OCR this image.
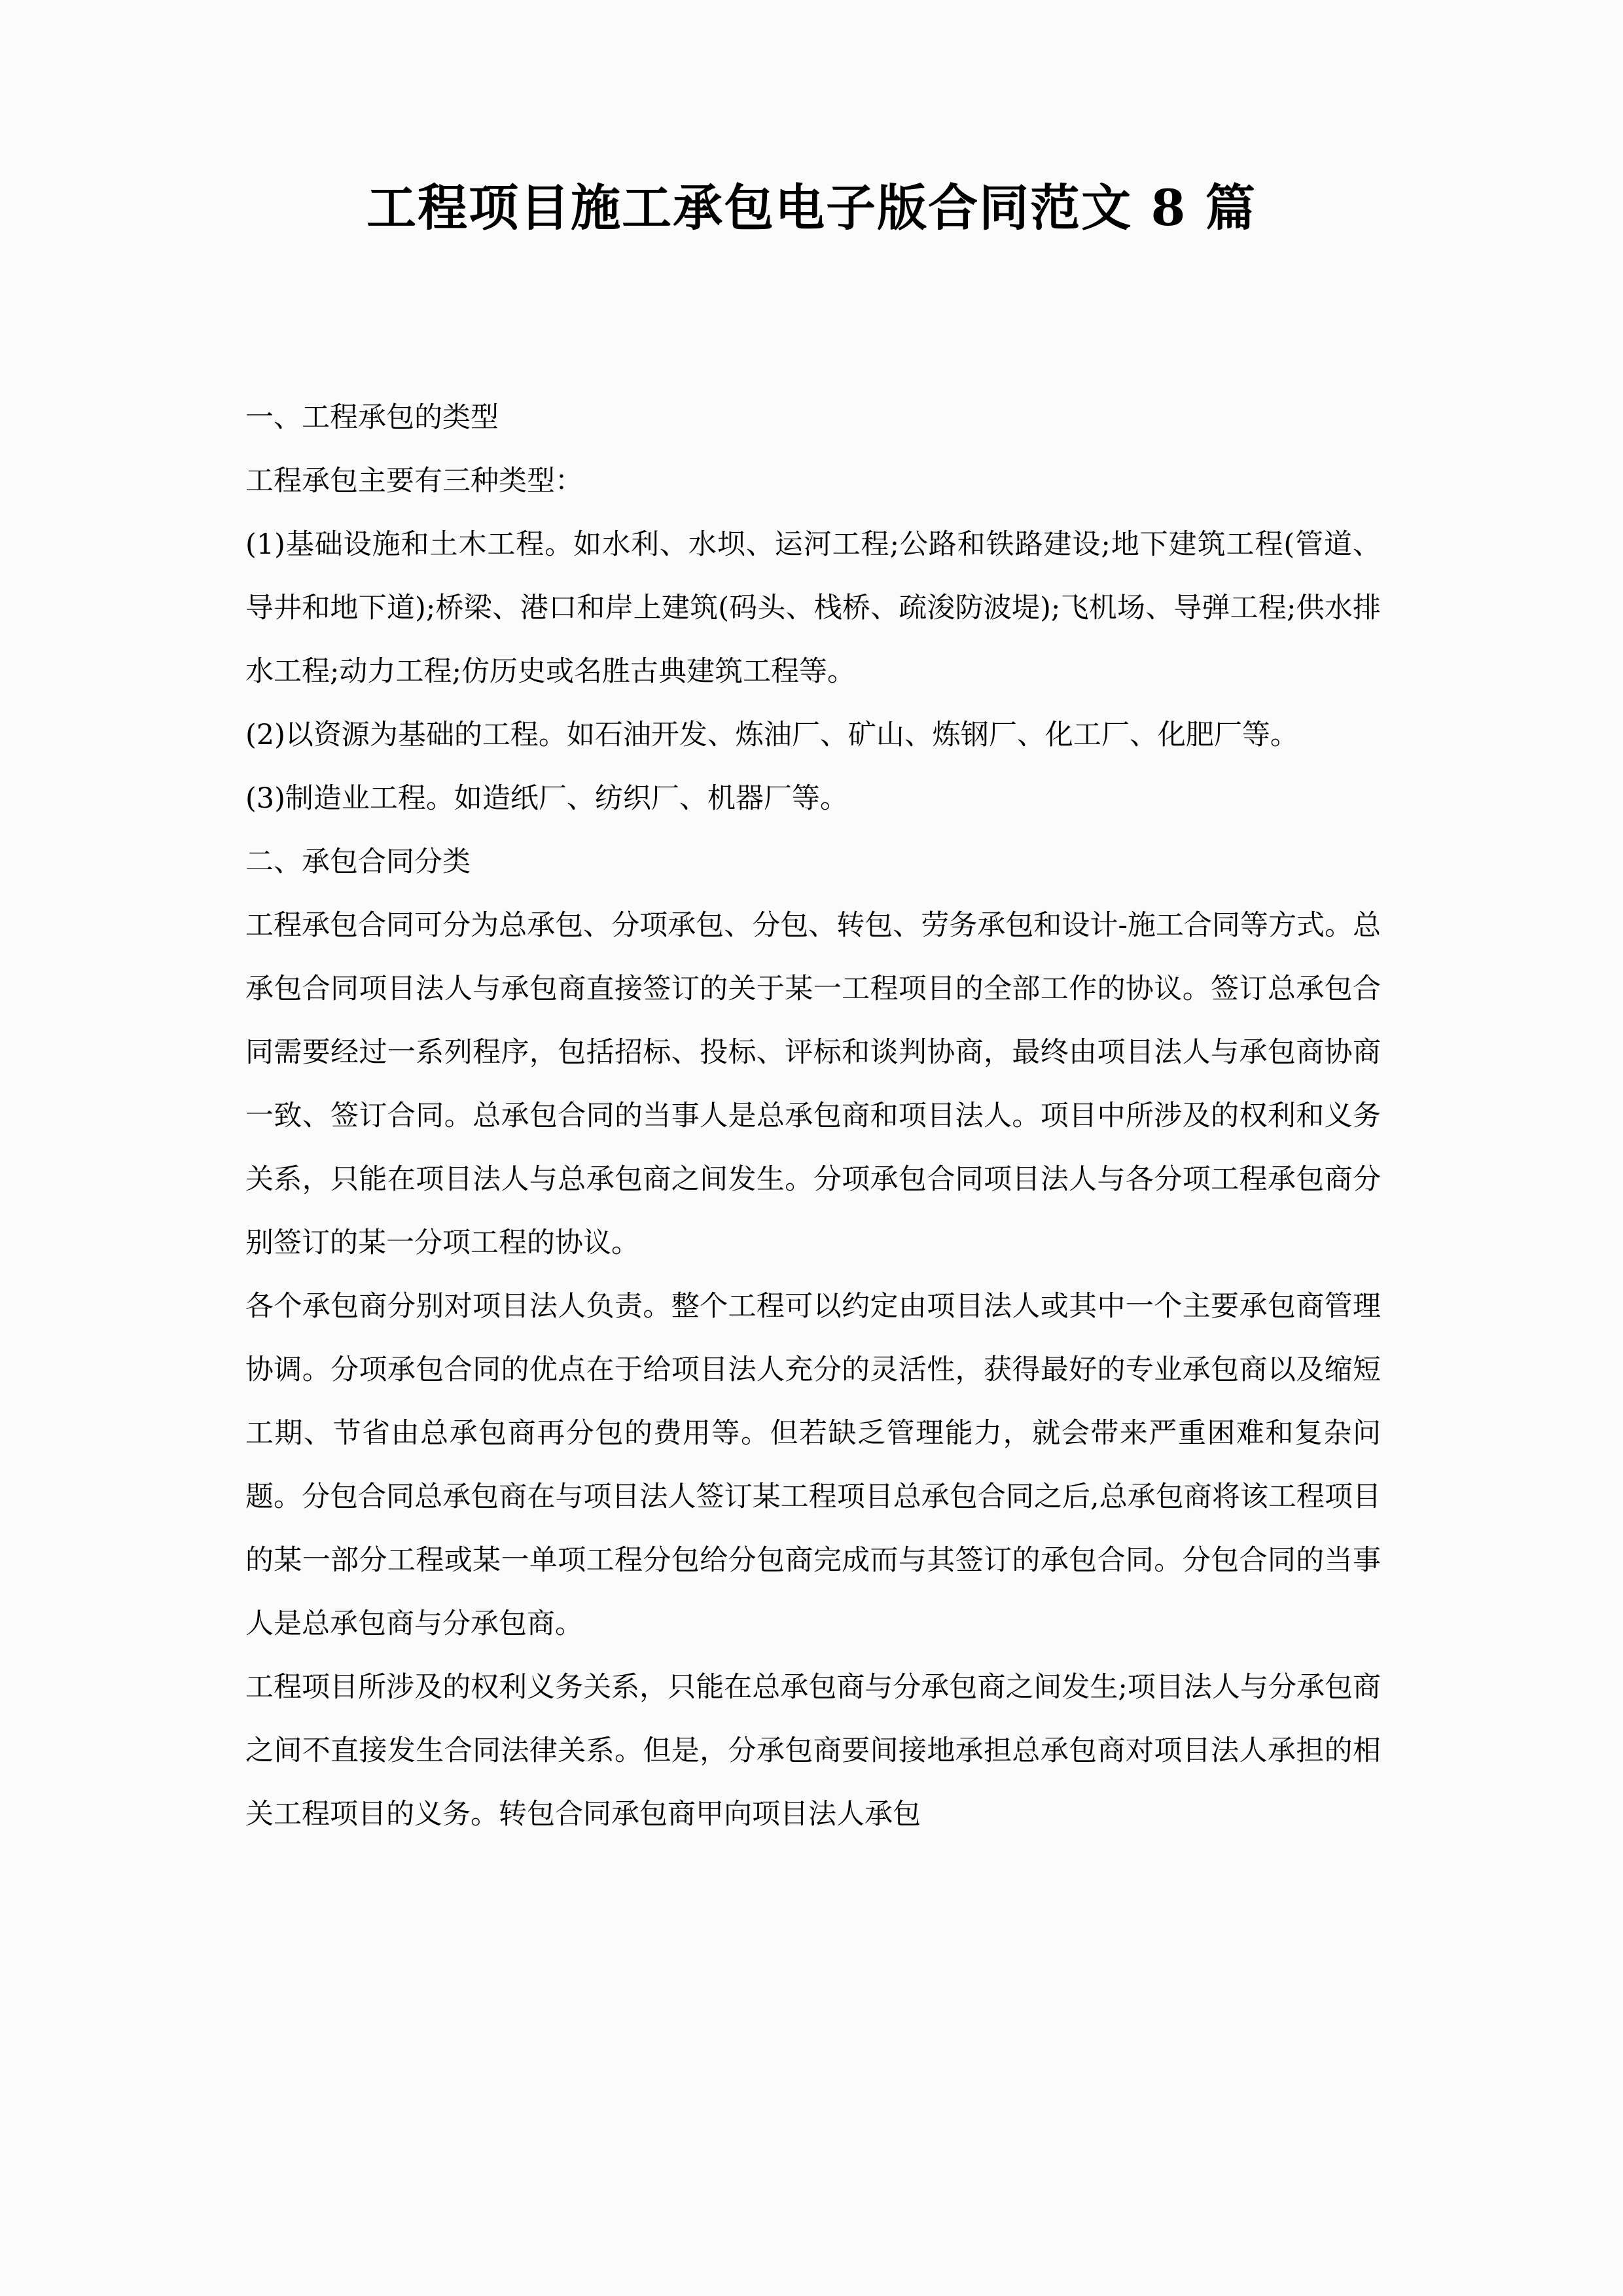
工程项目施工承包电子版合同范文 8 篇

一、工程承包的类型

工程承包主要有三种类型：

(1)基础设施和土木工程。如水利、水坝、运河工程;公路和铁路建设;地下建筑工程(管道、导井和地下道);桥梁、港口和岸上建筑(码头、栈桥、疏浚防波堤);飞机场、导弹工程;供水排水工程;动力工程;仿历史或名胜古典建筑工程等。

(2)以资源为基础的工程。如石油开发、炼油厂、矿山、炼钢厂、化工厂、化肥厂等。

(3)制造业工程。如造纸厂、纺织厂、机器厂等。

二、承包合同分类

工程承包合同可分为总承包、分项承包、分包、转包、劳务承包和设计-施工合同等方式。总承包合同项目法人与承包商直接签订的关于某一工程项目的全部工作的协议。签订总承包合同需要经过一系列程序，包括招标、投标、评标和谈判协商，最终由项目法人与承包商协商一致、签订合同。总承包合同的当事人是总承包商和项目法人。项目中所涉及的权利和义务关系，只能在项目法人与总承包商之间发生。分项承包合同项目法人与各分项工程承包商分别签订的某一分项工程的协议。

各个承包商分别对项目法人负责。整个工程可以约定由项目法人或其中一个主要承包商管理协调。分项承包合同的优点在于给项目法人充分的灵活性，获得最好的专业承包商以及缩短工期、节省由总承包商再分包的费用等。但若缺乏管理能力，就会带来严重困难和复杂问题。分包合同总承包商在与项目法人签订某工程项目总承包合同之后,总承包商将该工程项目的某一部分工程或某一单项工程分包给分包商完成而与其签订的承包合同。分包合同的当事人是总承包商与分承包商。

工程项目所涉及的权利义务关系，只能在总承包商与分承包商之间发生;项目法人与分承包商之间不直接发生合同法律关系。但是，分承包商要间接地承担总承包商对项目法人承担的相关工程项目的义务。转包合同承包商甲向项目法人承包
